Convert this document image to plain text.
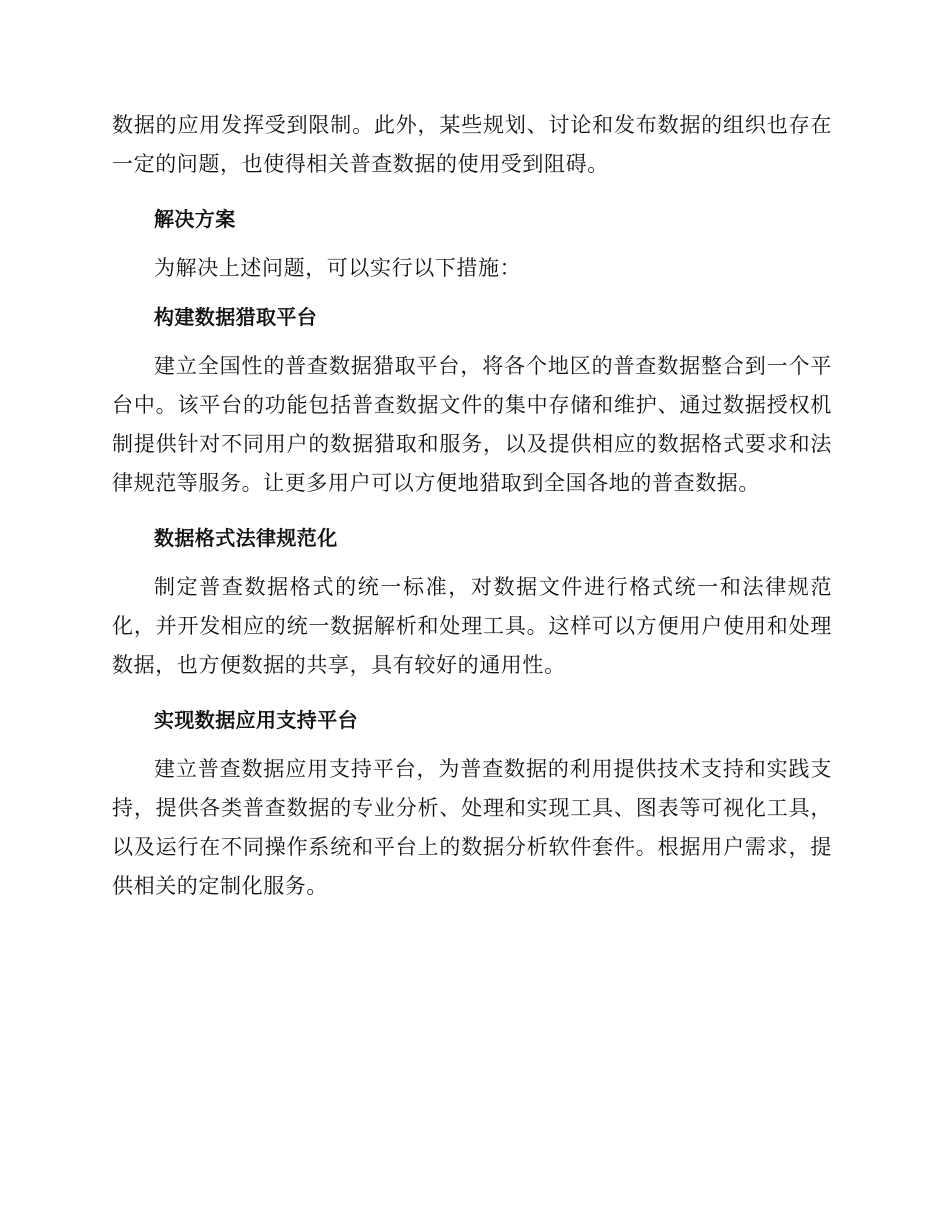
数据的应用发挥受到限制。此外，某些规划、讨论和发布数据的组织也存在一定的问题，也使得相关普查数据的使用受到阻碍。

解决方案

为解决上述问题，可以实行以下措施：

构建数据猎取平台

建立全国性的普查数据猎取平台，将各个地区的普查数据整合到一个平台中。该平台的功能包括普查数据文件的集中存储和维护、通过数据授权机制提供针对不同用户的数据猎取和服务，以及提供相应的数据格式要求和法律规范等服务。让更多用户可以方便地猎取到全国各地的普查数据。

数据格式法律规范化

制定普查数据格式的统一标准，对数据文件进行格式统一和法律规范化，并开发相应的统一数据解析和处理工具。这样可以方便用户使用和处理数据，也方便数据的共享，具有较好的通用性。

实现数据应用支持平台

建立普查数据应用支持平台，为普查数据的利用提供技术支持和实践支持，提供各类普查数据的专业分析、处理和实现工具、图表等可视化工具，以及运行在不同操作系统和平台上的数据分析软件套件。根据用户需求，提供相关的定制化服务。
